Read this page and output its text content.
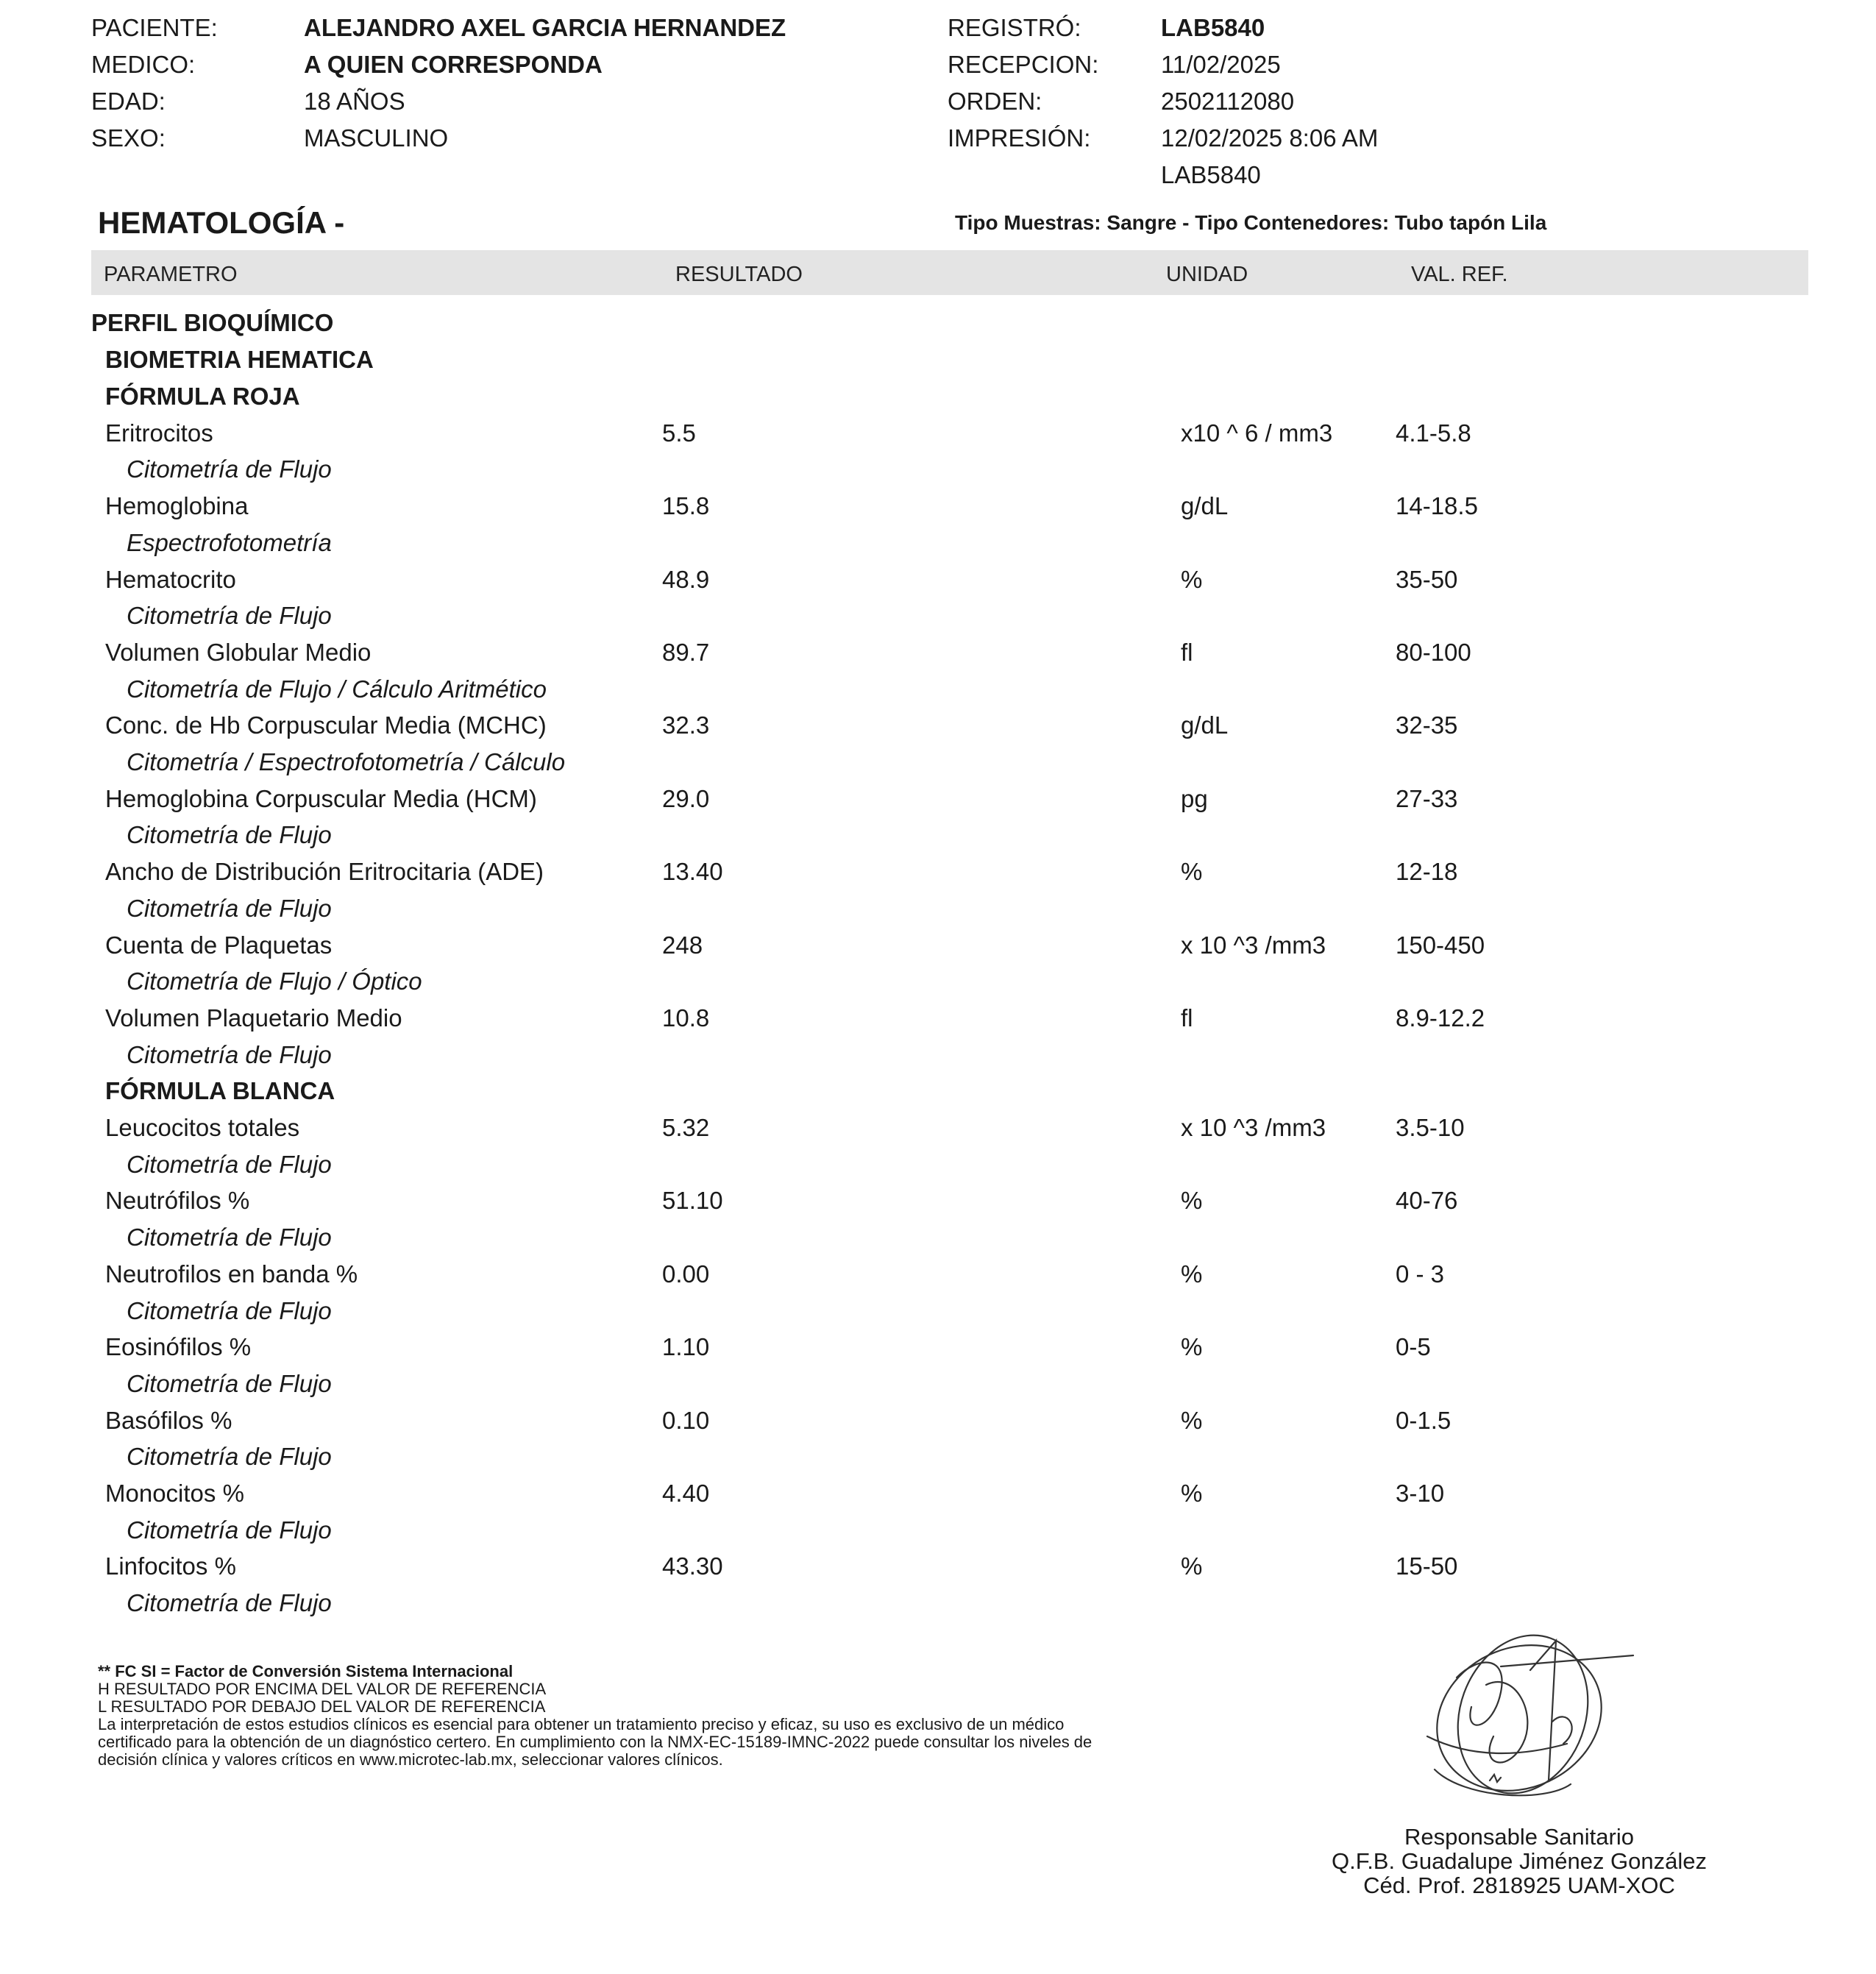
PACIENTE:	ALEJANDRO AXEL GARCIA HERNANDEZ
MEDICO:	A QUIEN CORRESPONDA
EDAD:	18 AÑOS
SEXO:	MASCULINO
REGISTRÓ:	LAB5840
RECEPCION:	11/02/2025
ORDEN:	2502112080
IMPRESIÓN:	12/02/2025 8:06 AM
LAB5840
HEMATOLOGÍA -	Tipo Muestras: Sangre - Tipo Contenedores: Tubo tapón Lila
PARAMETRO	RESULTADO	UNIDAD	VAL. REF.
PERFIL BIOQUÍMICO
BIOMETRIA HEMATICA
FÓRMULA ROJA
Eritrocitos	5.5	x10 ^ 6 / mm3	4.1-5.8
Citometría de Flujo
Hemoglobina	15.8	g/dL	14-18.5
Espectrofotometría
Hematocrito	48.9	%	35-50
Citometría de Flujo
Volumen Globular Medio	89.7	fl	80-100
Citometría de Flujo / Cálculo Aritmético
Conc. de Hb Corpuscular Media (MCHC)	32.3	g/dL	32-35
Citometría / Espectrofotometría / Cálculo
Hemoglobina Corpuscular Media (HCM)	29.0	pg	27-33
Citometría de Flujo
Ancho de Distribución Eritrocitaria (ADE)	13.40	%	12-18
Citometría de Flujo
Cuenta de Plaquetas	248	x 10 ^3 /mm3	150-450
Citometría de Flujo / Óptico
Volumen Plaquetario Medio	10.8	fl	8.9-12.2
Citometría de Flujo
FÓRMULA BLANCA
Leucocitos totales	5.32	x 10 ^3 /mm3	3.5-10
Citometría de Flujo
Neutrófilos %	51.10	%	40-76
Citometría de Flujo
Neutrofilos en banda %	0.00	%	0 - 3
Citometría de Flujo
Eosinófilos %	1.10	%	0-5
Citometría de Flujo
Basófilos %	0.10	%	0-1.5
Citometría de Flujo
Monocitos %	4.40	%	3-10
Citometría de Flujo
Linfocitos %	43.30	%	15-50
Citometría de Flujo
** FC SI = Factor de Conversión Sistema Internacional
H RESULTADO POR ENCIMA DEL VALOR DE REFERENCIA
L RESULTADO POR DEBAJO DEL VALOR DE REFERENCIA
La interpretación de estos estudios clínicos es esencial para obtener un tratamiento preciso y eficaz, su uso es exclusivo de un médico
certificado para la obtención de un diagnóstico certero. En cumplimiento con la NMX-EC-15189-IMNC-2022 puede consultar los niveles de
decisión clínica y valores críticos en www.microtec-lab.mx, seleccionar valores clínicos.
Responsable Sanitario
Q.F.B. Guadalupe Jiménez González
Céd. Prof. 2818925 UAM-XOC
